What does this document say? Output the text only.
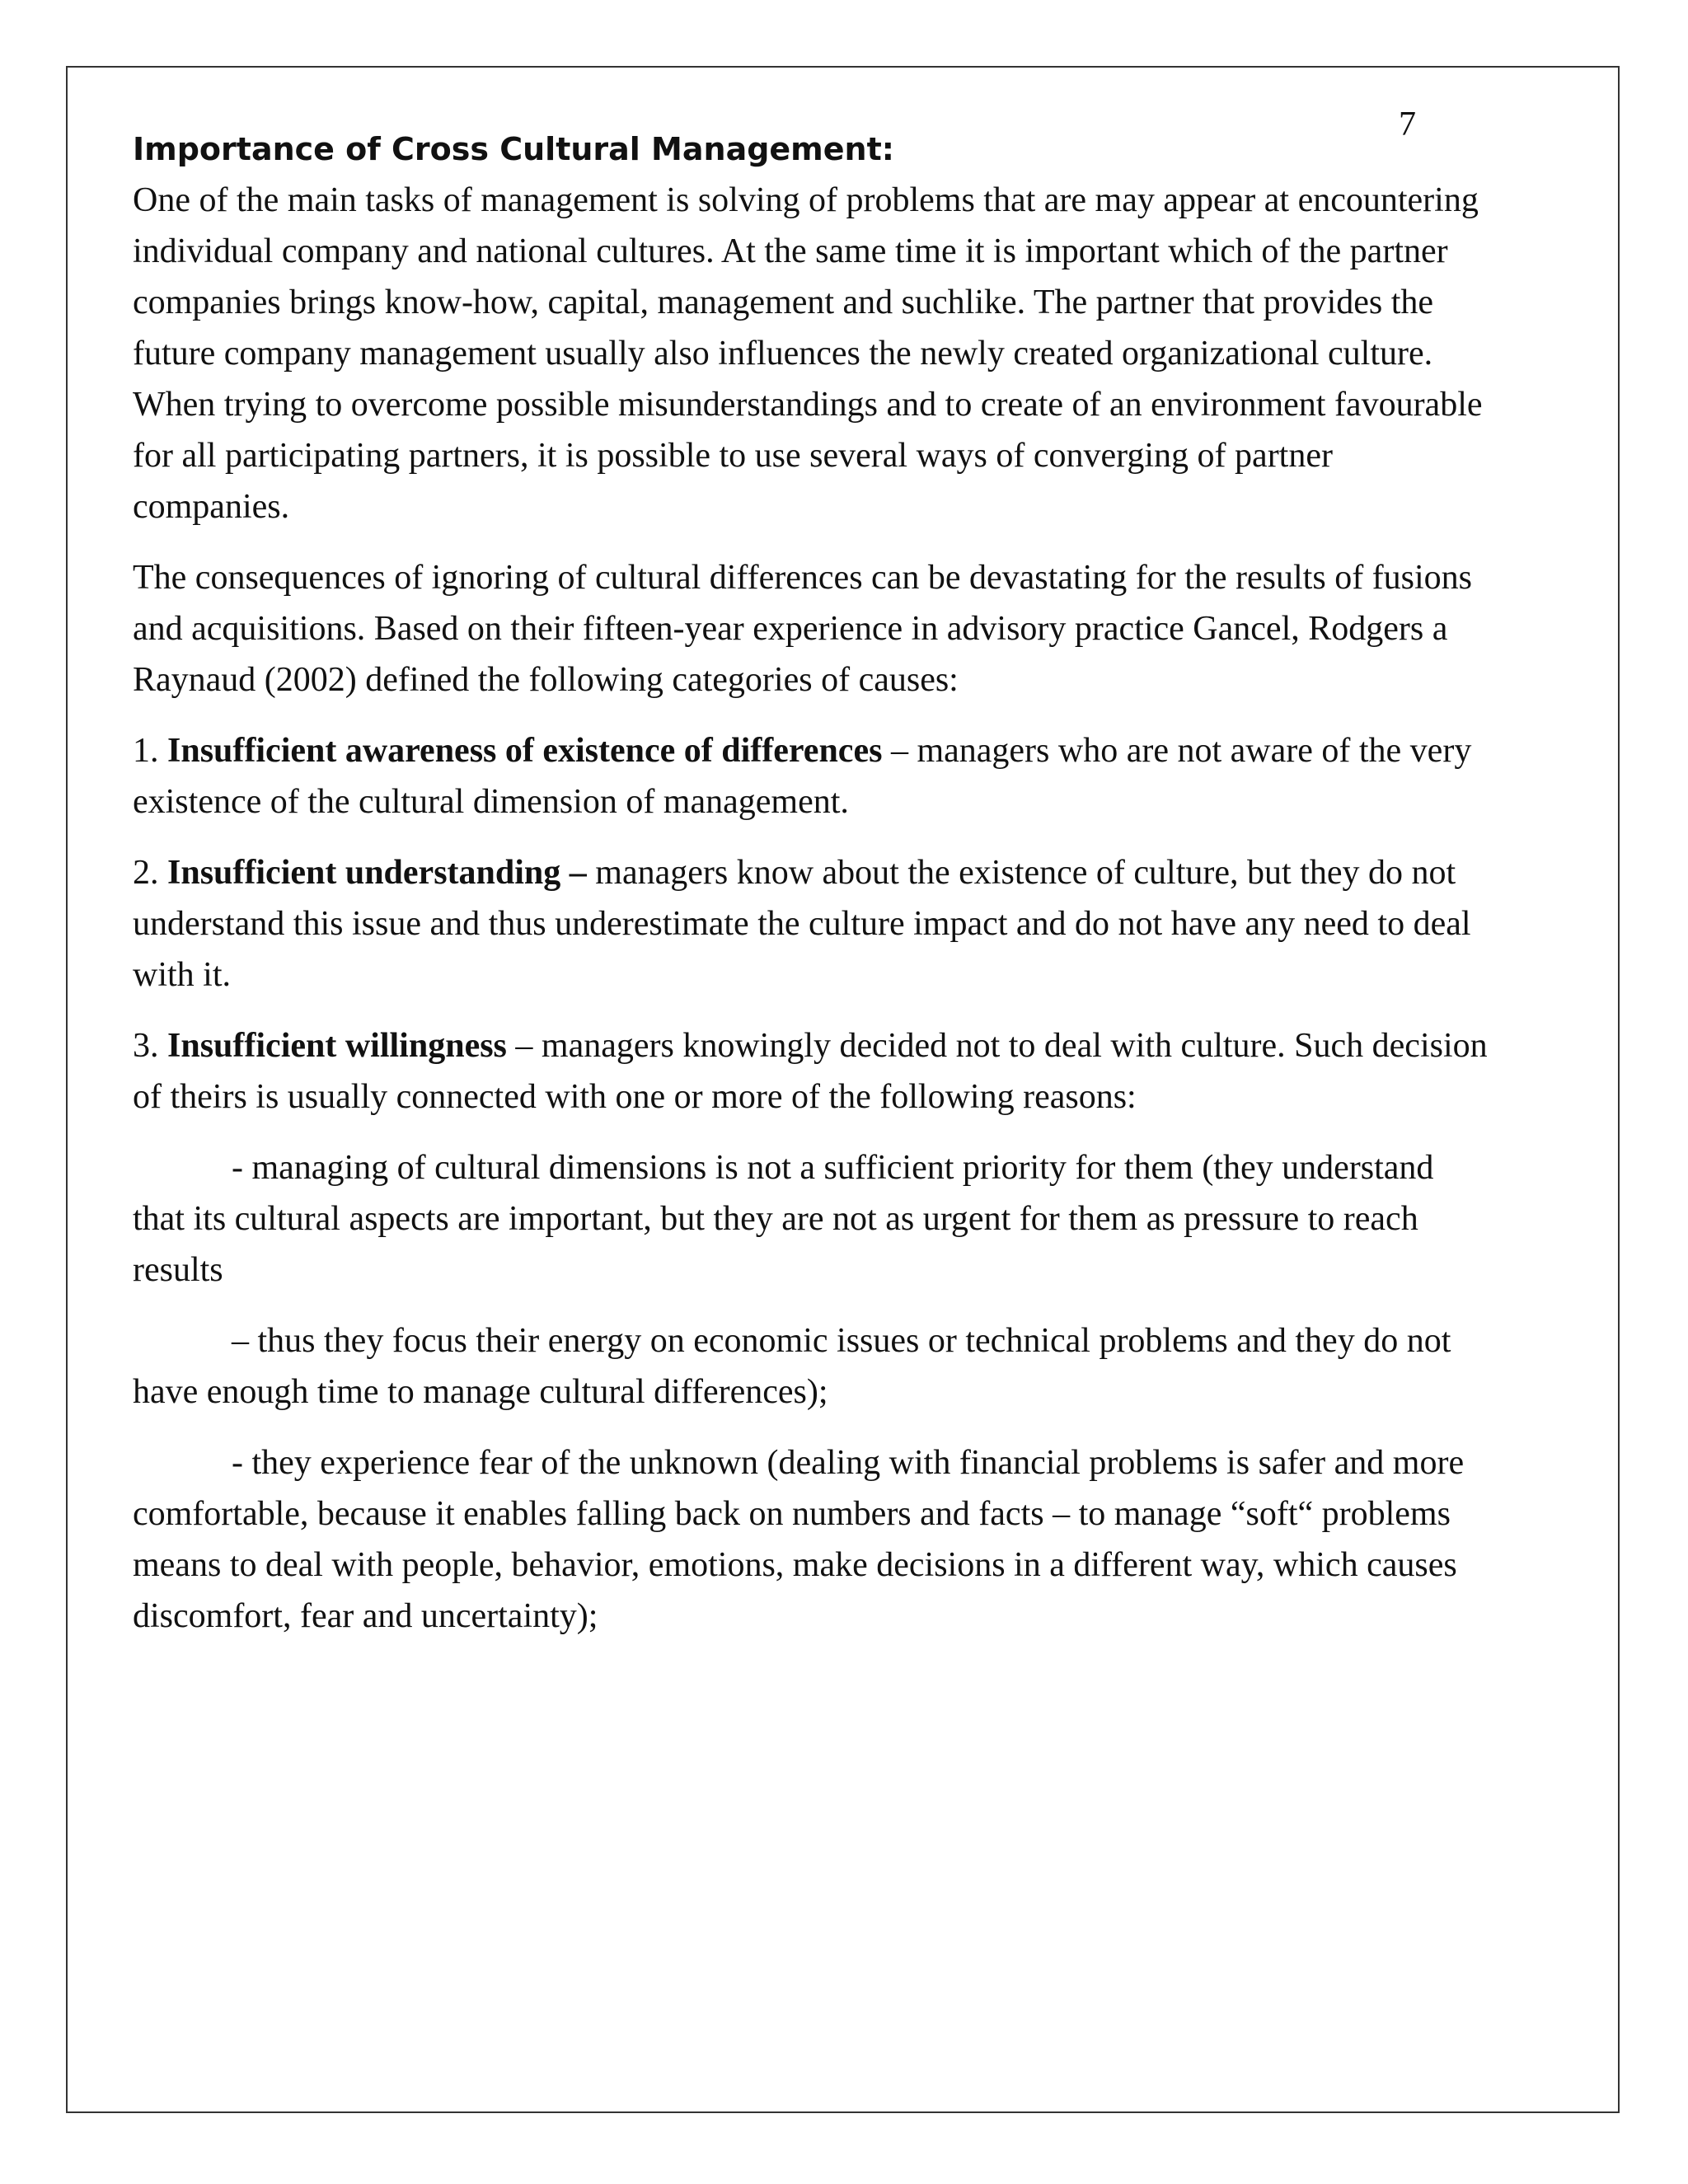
7

Importance of Cross Cultural Management:

One of the main tasks of management is solving of problems that are may appear at encountering individual company and national cultures. At the same time it is important which of the partner companies brings know-how, capital, management and suchlike. The partner that provides the future company management usually also influences the newly created organizational culture. When trying to overcome possible misunderstandings and to create of an environment favourable for all participating partners, it is possible to use several ways of converging of partner companies.

The consequences of ignoring of cultural differences can be devastating for the results of fusions and acquisitions. Based on their fifteen-year experience in advisory practice Gancel, Rodgers a Raynaud (2002) defined the following categories of causes:

1. Insufficient awareness of existence of differences – managers who are not aware of the very existence of the cultural dimension of management.

2. Insufficient understanding – managers know about the existence of culture, but they do not understand this issue and thus underestimate the culture impact and do not have any need to deal with it.

3. Insufficient willingness – managers knowingly decided not to deal with culture. Such decision of theirs is usually connected with one or more of the following reasons:

- managing of cultural dimensions is not a sufficient priority for them (they understand that its cultural aspects are important, but they are not as urgent for them as pressure to reach results

– thus they focus their energy on economic issues or technical problems and they do not have enough time to manage cultural differences);

- they experience fear of the unknown (dealing with financial problems is safer and more comfortable, because it enables falling back on numbers and facts – to manage “soft“ problems means to deal with people, behavior, emotions, make decisions in a different way, which causes discomfort, fear and uncertainty);
